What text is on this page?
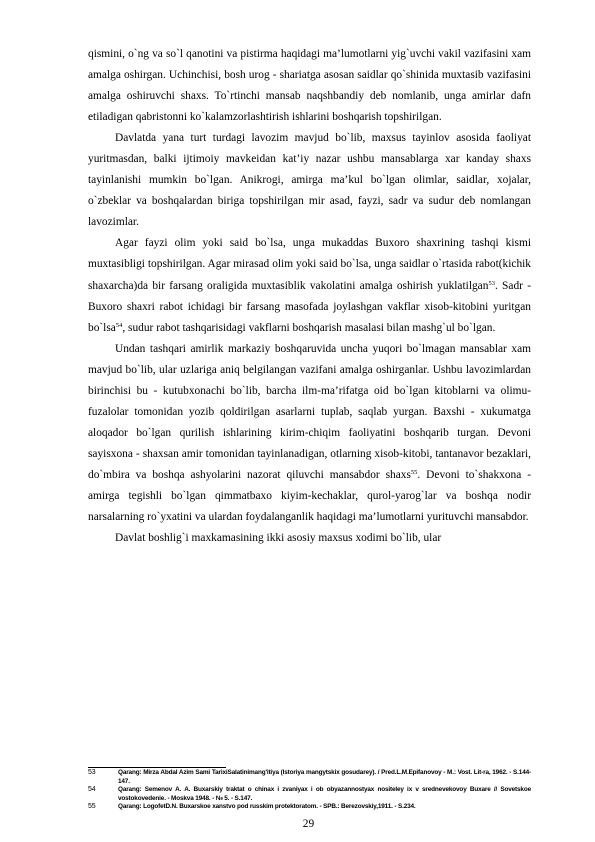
qismini, o`ng va so`l qanotini va pistirma haqidagi ma’lumotlarni yig`uvchi vakil vazifasini xam amalga oshirgan. Uchinchisi, bosh urog - shariatga asosan saidlar qo`shinida muxtasib vazifasini amalga oshiruvchi shaxs. To`rtinchi mansab naqshbandiy deb nomlanib, unga amirlar dafn etiladigan qabristonni ko`kalamzorlashtirish ishlarini boshqarish topshirilgan.

Davlatda yana turt turdagi lavozim mavjud bo`lib, maxsus tayinlov asosida faoliyat yuritmasdan, balki ijtimoiy mavkeidan kat’iy nazar ushbu mansablarga xar kanday shaxs tayinlanishi mumkin bo`lgan. Anikrogi, amirga ma’kul bo`lgan olimlar, saidlar, xojalar, o`zbeklar va boshqalardan biriga topshirilgan mir asad, fayzi, sadr va sudur deb nomlangan lavozimlar.

Agar fayzi olim yoki said bo`lsa, unga mukaddas Buxoro shaxrining tashqi kismi muxtasibligi topshirilgan. Agar mirasad olim yoki said bo`lsa, unga saidlar o`rtasida rabot(kichik shaxarcha)da bir farsang oraligida muxtasiblik vakolatini amalga oshirish yuklatilgan$^{53}$. Sadr - Buxoro shaxri rabot ichidagi bir farsang masofada joylashgan vakflar xisob-kitobini yuritgan bo`lsa$^{54}$, sudur rabot tashqarisidagi vakflarni boshqarish masalasi bilan mashg`ul bo`lgan.

Undan tashqari amirlik markaziy boshqaruvida uncha yuqori bo`lmagan mansablar xam mavjud bo`lib, ular uzlariga aniq belgilangan vazifani amalga oshirganlar. Ushbu lavozimlardan birinchisi bu - kutubxonachi bo`lib, barcha ilm-ma’rifatga oid bo`lgan kitoblarni va olimu-fuzalolar tomonidan yozib qoldirilgan asarlarni tuplab, saqlab yurgan. Baxshi - xukumatga aloqador bo`lgan qurilish ishlarining kirim-chiqim faoliyatini boshqarib turgan. Devoni sayisxona - shaxsan amir tomonidan tayinlanadigan, otlarning xisob-kitobi, tantanavor bezaklari, do`mbira va boshqa ashyolarini nazorat qiluvchi mansabdor shaxs$^{55}$. Devoni to`shakxona - amirga tegishli bo`lgan qimmatbaxo kiyim-kechaklar, qurol-yarog`lar va boshqa nodir narsalarning ro`yxatini va ulardan foydalanganlik haqidagi ma’lumotlarni yurituvchi mansabdor.

Davlat boshlig`i maxkamasining ikki asosiy maxsus xodimi bo`lib, ular

53	Qarang: Mirza Abdal Azim Sami TarixiSalatinimang'itiya (Istoriya mangytskix gosudarey). / Pred.L.M.Epifanovoy - M.: Vost. Lit-ra, 1962. - S.144-147.
54	Qarang: Semenov A. A. Buxarskiy traktat o chinax i zvaniyax i ob obyazannostyax nositeley ix v srednevekovoy Buxare // Sovetskoe vostokovedenie. - Moskva 1948. - № 5. - S.147.
55	Qarang: LogofetD.N. Buxarskoe xanstvo pod russkim protektoratom. - SPB.: Berezovskiy,1911. - S.234.
29
